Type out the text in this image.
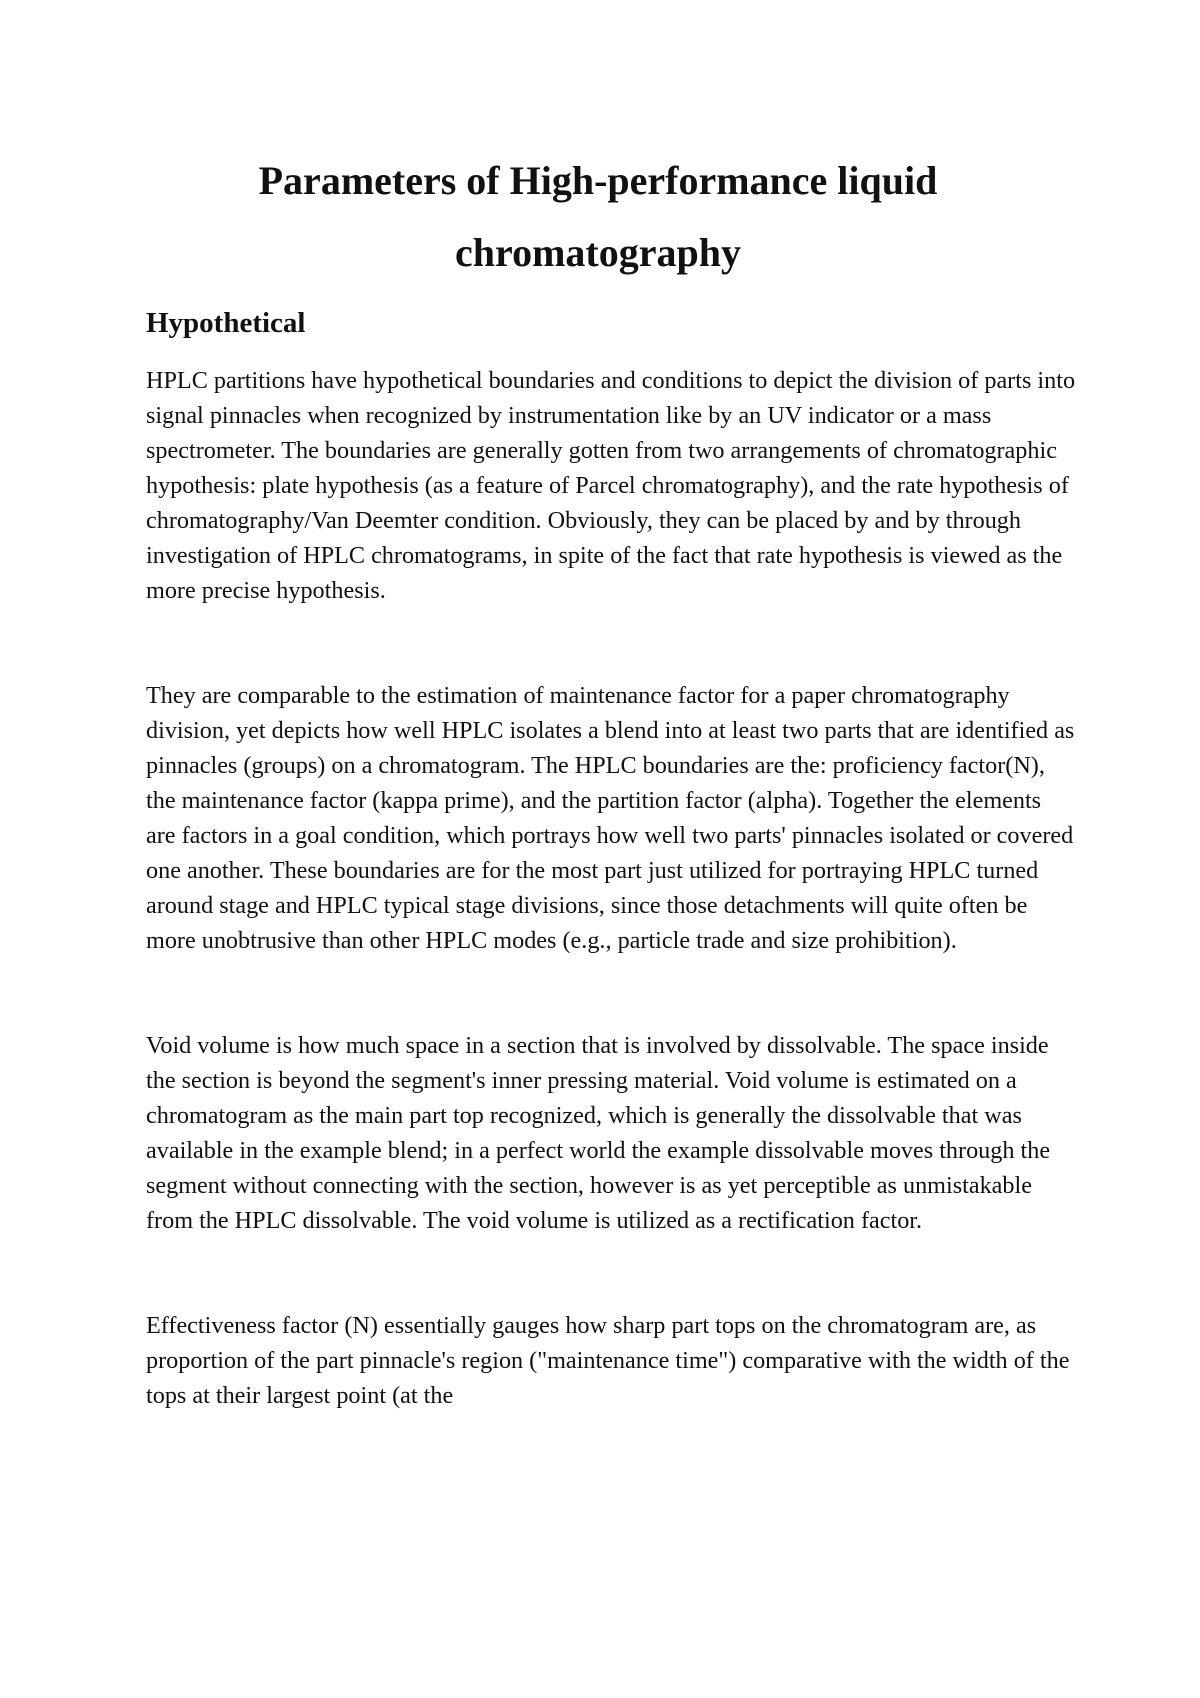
Parameters of High-performance liquid chromatography
Hypothetical

HPLC partitions have hypothetical boundaries and conditions to depict the division of parts into signal pinnacles when recognized by instrumentation like by an UV indicator or a mass spectrometer. The boundaries are generally gotten from two arrangements of chromatographic hypothesis: plate hypothesis (as a feature of Parcel chromatography), and the rate hypothesis of chromatography/Van Deemter condition. Obviously, they can be placed by and by through investigation of HPLC chromatograms, in spite of the fact that rate hypothesis is viewed as the more precise hypothesis.

They are comparable to the estimation of maintenance factor for a paper chromatography division, yet depicts how well HPLC isolates a blend into at least two parts that are identified as pinnacles (groups) on a chromatogram. The HPLC boundaries are the: proficiency factor(N), the maintenance factor (kappa prime), and the partition factor (alpha). Together the elements are factors in a goal condition, which portrays how well two parts' pinnacles isolated or covered one another. These boundaries are for the most part just utilized for portraying HPLC turned around stage and HPLC typical stage divisions, since those detachments will quite often be more unobtrusive than other HPLC modes (e.g., particle trade and size prohibition).

Void volume is how much space in a section that is involved by dissolvable. The space inside the section is beyond the segment's inner pressing material. Void volume is estimated on a chromatogram as the main part top recognized, which is generally the dissolvable that was available in the example blend; in a perfect world the example dissolvable moves through the segment without connecting with the section, however is as yet perceptible as unmistakable from the HPLC dissolvable. The void volume is utilized as a rectification factor.

Effectiveness factor (N) essentially gauges how sharp part tops on the chromatogram are, as proportion of the part pinnacle's region ("maintenance time") comparative with the width of the tops at their largest point (at the
